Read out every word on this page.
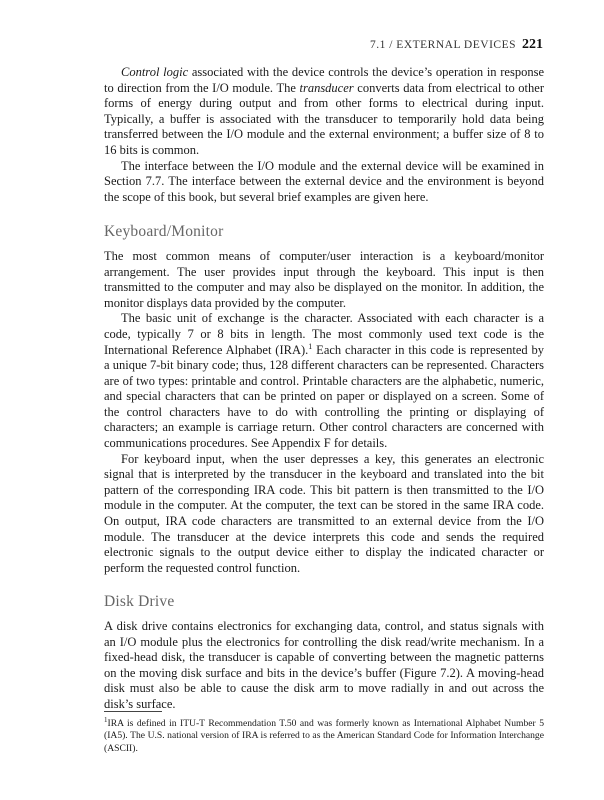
7.1 / EXTERNAL DEVICES 221

Control logic associated with the device controls the device’s operation in response to direction from the I/O module. The transducer converts data from electrical to other forms of energy during output and from other forms to electrical during input. Typically, a buffer is associated with the transducer to temporarily hold data being transferred between the I/O module and the external environment; a buffer size of 8 to 16 bits is common.

The interface between the I/O module and the external device will be examined in Section 7.7. The interface between the external device and the environment is beyond the scope of this book, but several brief examples are given here.

Keyboard/Monitor

The most common means of computer/user interaction is a keyboard/monitor arrangement. The user provides input through the keyboard. This input is then transmitted to the computer and may also be displayed on the monitor. In addition, the monitor displays data provided by the computer.

The basic unit of exchange is the character. Associated with each character is a code, typically 7 or 8 bits in length. The most commonly used text code is the International Reference Alphabet (IRA).$^1$ Each character in this code is represented by a unique 7-bit binary code; thus, 128 different characters can be represented. Characters are of two types: printable and control. Printable characters are the alphabetic, numeric, and special characters that can be printed on paper or displayed on a screen. Some of the control characters have to do with controlling the printing or displaying of characters; an example is carriage return. Other control characters are concerned with communications procedures. See Appendix F for details.

For keyboard input, when the user depresses a key, this generates an electronic signal that is interpreted by the transducer in the keyboard and translated into the bit pattern of the corresponding IRA code. This bit pattern is then transmitted to the I/O module in the computer. At the computer, the text can be stored in the same IRA code. On output, IRA code characters are transmitted to an external device from the I/O module. The transducer at the device interprets this code and sends the required electronic signals to the output device either to display the indicated character or perform the requested control function.

Disk Drive

A disk drive contains electronics for exchanging data, control, and status signals with an I/O module plus the electronics for controlling the disk read/write mechanism. In a fixed-head disk, the transducer is capable of converting between the magnetic patterns on the moving disk surface and bits in the device’s buffer (Figure 7.2). A moving-head disk must also be able to cause the disk arm to move radially in and out across the disk’s surface.

$^1$IRA is defined in ITU-T Recommendation T.50 and was formerly known as International Alphabet Number 5 (IA5). The U.S. national version of IRA is referred to as the American Standard Code for Information Interchange (ASCII).
